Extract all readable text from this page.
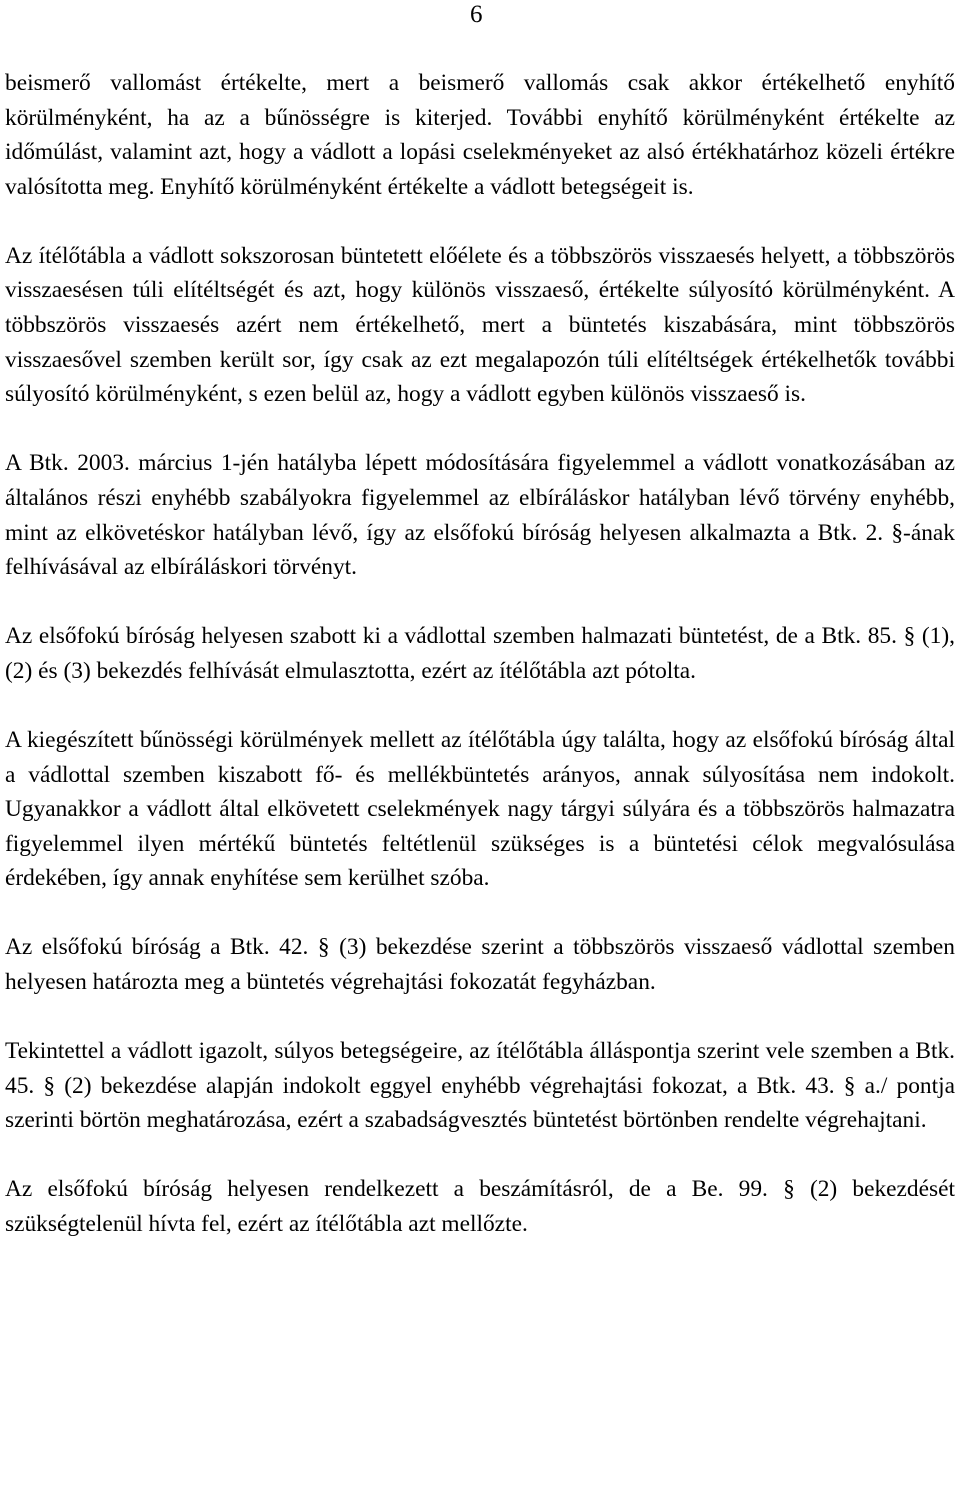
6

beismerő vallomást értékelte, mert a beismerő vallomás csak akkor értékelhető enyhítő körülményként, ha az a bűnösségre is kiterjed. További enyhítő körülményként értékelte az időmúlást, valamint azt, hogy a vádlott a lopási cselekményeket az alsó értékhatárhoz közeli értékre valósította meg. Enyhítő körülményként értékelte a vádlott betegségeit is.

Az ítélőtábla a vádlott sokszorosan büntetett előélete és a többszörös visszaesés helyett, a többszörös visszaesésen túli elítéltségét és azt, hogy különös visszaeső, értékelte súlyosító körülményként. A többszörös visszaesés azért nem értékelhető, mert a büntetés kiszabására, mint többszörös visszaesővel szemben került sor, így csak az ezt megalapozón túli elítéltségek értékelhetők további súlyosító körülményként, s ezen belül az, hogy a vádlott egyben különös visszaeső is.

A Btk. 2003. március 1-jén hatályba lépett módosítására figyelemmel a vádlott vonatkozásában az általános részi enyhébb szabályokra figyelemmel az elbíráláskor hatályban lévő törvény enyhébb, mint az elkövetéskor hatályban lévő, így az elsőfokú bíróság helyesen alkalmazta a Btk. 2. §-ának felhívásával az elbíráláskori törvényt.

Az elsőfokú bíróság helyesen szabott ki a vádlottal szemben halmazati büntetést, de a Btk. 85. § (1), (2) és (3) bekezdés felhívását elmulasztotta, ezért az ítélőtábla azt pótolta.

A kiegészített bűnösségi körülmények mellett az ítélőtábla úgy találta, hogy az elsőfokú bíróság által a vádlottal szemben kiszabott fő- és mellékbüntetés arányos, annak súlyosítása nem indokolt. Ugyanakkor a vádlott által elkövetett cselekmények nagy tárgyi súlyára és a többszörös halmazatra figyelemmel ilyen mértékű büntetés feltétlenül szükséges is a büntetési célok megvalósulása érdekében, így annak enyhítése sem kerülhet szóba.

Az elsőfokú bíróság a Btk. 42. § (3) bekezdése szerint a többszörös visszaeső vádlottal szemben helyesen határozta meg a büntetés végrehajtási fokozatát fegyházban.

Tekintettel a vádlott igazolt, súlyos betegségeire, az ítélőtábla álláspontja szerint vele szemben a Btk. 45. § (2) bekezdése alapján indokolt eggyel enyhébb végrehajtási fokozat, a Btk. 43. § a./ pontja szerinti börtön meghatározása, ezért a szabadságvesztés büntetést börtönben rendelte végrehajtani.

Az elsőfokú bíróság helyesen rendelkezett a beszámításról, de a Be. 99. § (2) bekezdését szükségtelenül hívta fel, ezért az ítélőtábla azt mellőzte.
